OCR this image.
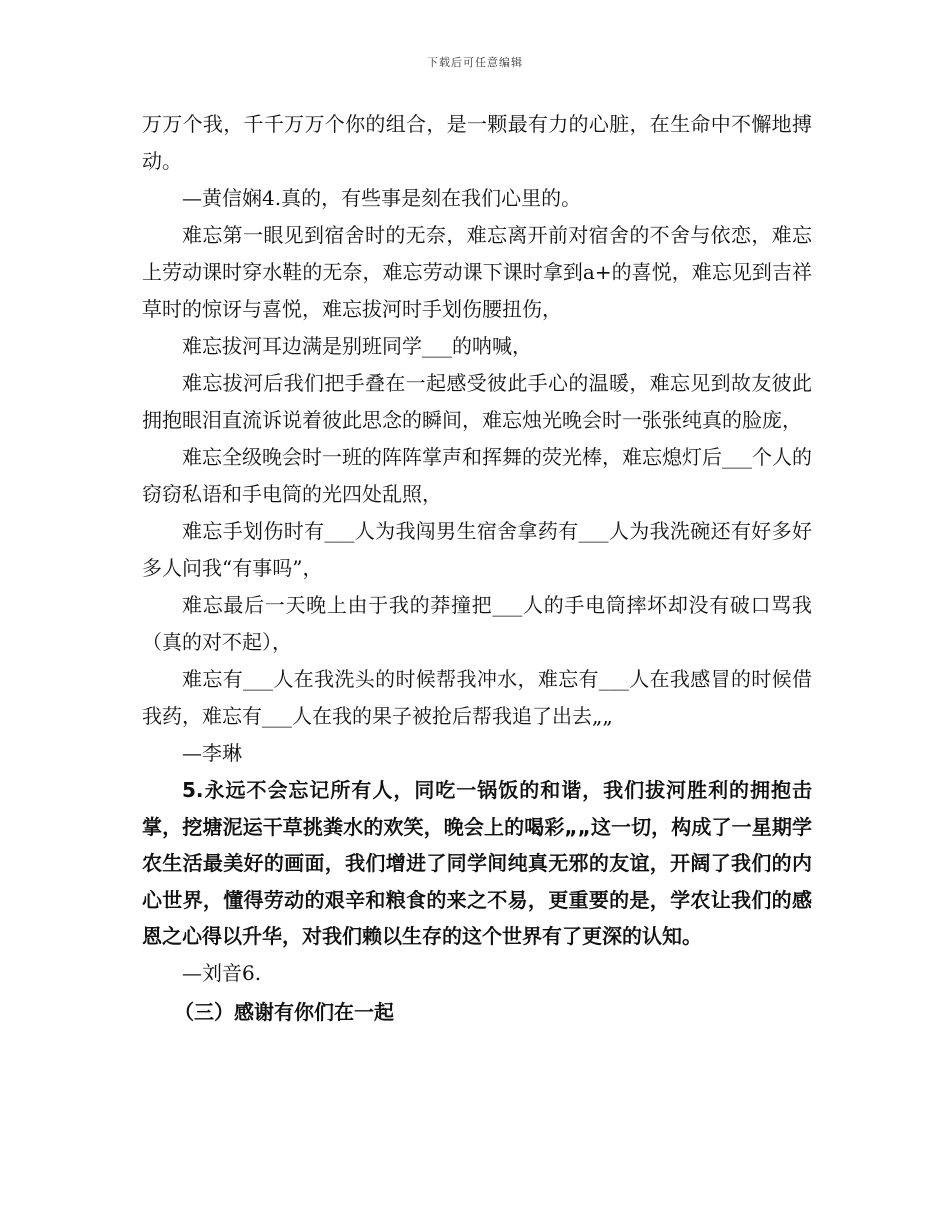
下载后可任意编辑

万万个我，千千万万个你的组合，是一颗最有力的心脏，在生命中不懈地搏动。

—黄信娴4.真的，有些事是刻在我们心里的。

难忘第一眼见到宿舍时的无奈，难忘离开前对宿舍的不舍与依恋，难忘上劳动课时穿水鞋的无奈，难忘劳动课下课时拿到a+的喜悦，难忘见到吉祥草时的惊讶与喜悦，难忘拔河时手划伤腰扭伤，

难忘拔河耳边满是别班同学___的呐喊，

难忘拔河后我们把手叠在一起感受彼此手心的温暖，难忘见到故友彼此拥抱眼泪直流诉说着彼此思念的瞬间，难忘烛光晚会时一张张纯真的脸庞，

难忘全级晚会时一班的阵阵掌声和挥舞的荧光棒，难忘熄灯后___个人的窃窃私语和手电筒的光四处乱照，

难忘手划伤时有___人为我闯男生宿舍拿药有___人为我洗碗还有好多好多人问我“有事吗”，

难忘最后一天晚上由于我的莽撞把___人的手电筒摔坏却没有破口骂我（真的对不起），

难忘有___人在我洗头的时候帮我冲水，难忘有___人在我感冒的时候借我药，难忘有___人在我的果子被抢后帮我追了出去„„

—李琳

5.永远不会忘记所有人，同吃一锅饭的和谐，我们拔河胜利的拥抱击掌，挖塘泥运干草挑粪水的欢笑，晚会上的喝彩„„这一切，构成了一星期学农生活最美好的画面，我们增进了同学间纯真无邪的友谊，开阔了我们的内心世界，懂得劳动的艰辛和粮食的来之不易，更重要的是，学农让我们的感恩之心得以升华，对我们赖以生存的这个世界有了更深的认知。

—刘音6.

（三）感谢有你们在一起
